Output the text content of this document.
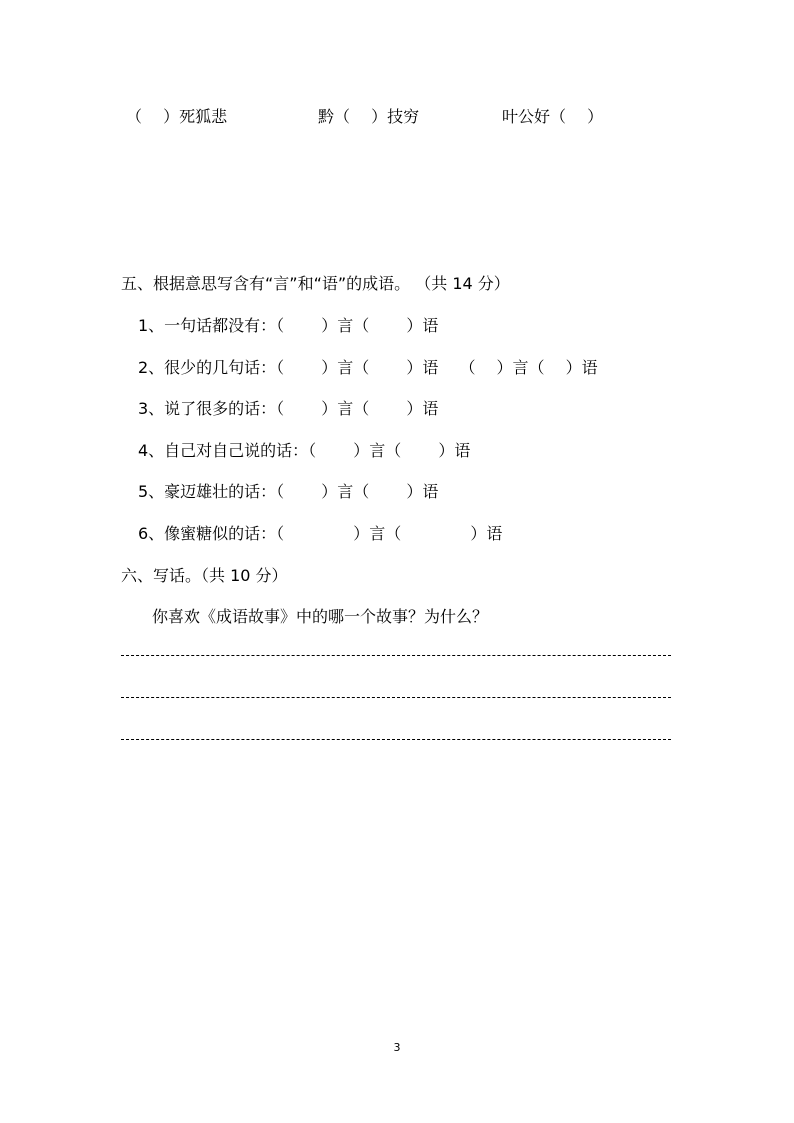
（　 ）死狐悲	黔（　 ）技穷	叶公好（　 ）
五、根据意思写含有“言”和“语”的成语。 （共 14 分）
1、一句话都没有：（　　 ）言（　　 ）语
2、很少的几句话：（　　 ）言（　　 ）语　 （　 ）言（　 ）语
3、说了很多的话：（　　 ）言（　　 ）语
4、自己对自己说的话：（　　 ）言（　　 ）语
5、豪迈雄壮的话：（　　 ）言（　　 ）语
6、像蜜糖似的话：（　　　　 ）言（　　　　 ）语
六、写话。（共 10 分）
你喜欢《成语故事》中的哪一个故事？为什么？
3
